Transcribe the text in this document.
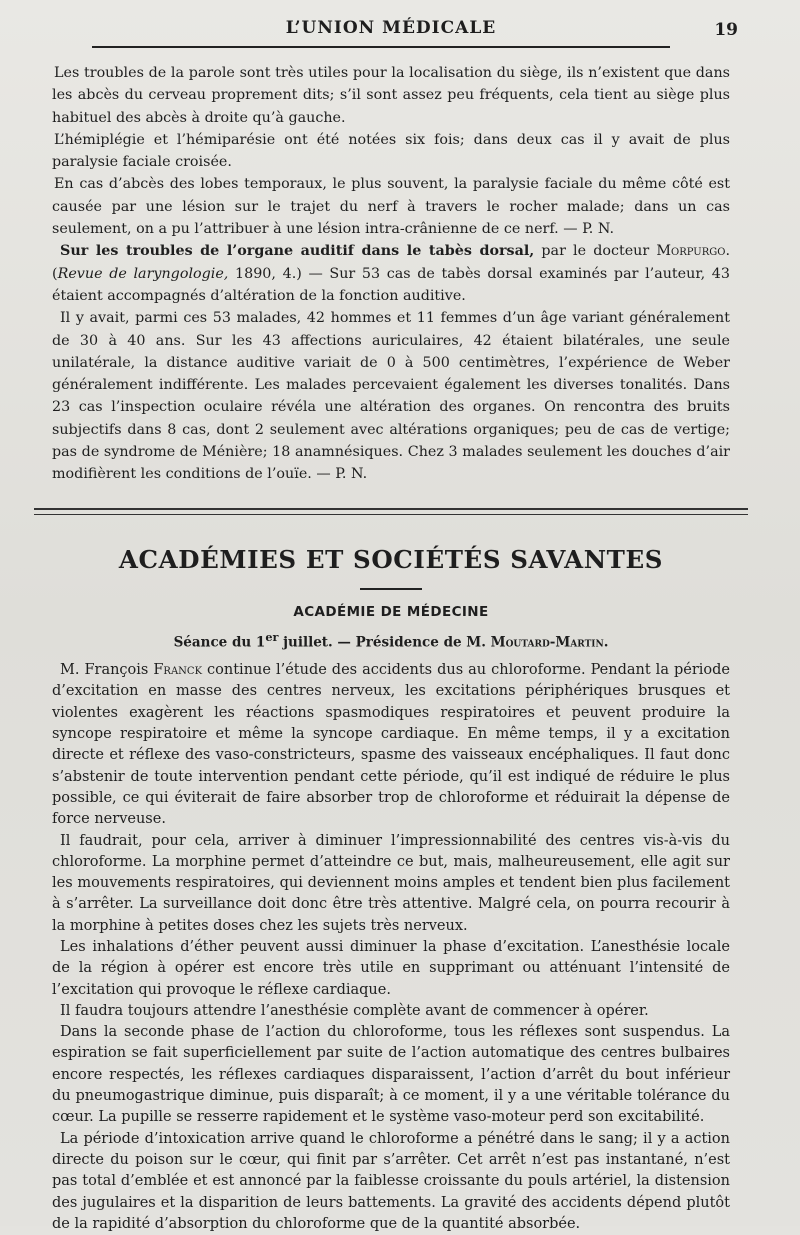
L’UNION MÉDICALE	19

Les troubles de la parole sont très utiles pour la localisation du siège, ils n’existent que dans les abcès du cerveau proprement dits; s’il sont assez peu fréquents, cela tient au siège plus habituel des abcès à droite qu’à gauche.

L’hémiplégie et l’hémiparésie ont été notées six fois; dans deux cas il y avait de plus paralysie faciale croisée.

En cas d’abcès des lobes temporaux, le plus souvent, la paralysie faciale du même côté est causée par une lésion sur le trajet du nerf à travers le rocher malade; dans un cas seulement, on a pu l’attribuer à une lésion intra-crânienne de ce nerf. — P. N.

Sur les troubles de l’organe auditif dans le tabès dorsal, par le docteur Morpurgo. (Revue de laryngologie, 1890, 4.) — Sur 53 cas de tabès dorsal examinés par l’auteur, 43 étaient accompagnés d’altération de la fonction auditive.

Il y avait, parmi ces 53 malades, 42 hommes et 11 femmes d’un âge variant généralement de 30 à 40 ans. Sur les 43 affections auriculaires, 42 étaient bilatérales, une seule unilatérale, la distance auditive variait de 0 à 500 centimètres, l’expérience de Weber généralement indifférente. Les malades percevaient également les diverses tonalités. Dans 23 cas l’inspection oculaire révéla une altération des organes. On rencontra des bruits subjectifs dans 8 cas, dont 2 seulement avec altérations organiques; peu de cas de vertige; pas de syndrome de Ménière; 18 anamnésiques. Chez 3 malades seulement les douches d’air modifièrent les conditions de l’ouïe. — P. N.

ACADÉMIES ET SOCIÉTÉS SAVANTES
ACADÉMIE DE MÉDECINE
Séance du 1er juillet. — Présidence de M. Moutard-Martin.

M. François Franck continue l’étude des accidents dus au chloroforme. Pendant la période d’excitation en masse des centres nerveux, les excitations périphériques brusques et violentes exagèrent les réactions spasmodiques respiratoires et peuvent produire la syncope respiratoire et même la syncope cardiaque. En même temps, il y a excitation directe et réflexe des vaso-constricteurs, spasme des vaisseaux encéphaliques. Il faut donc s’abstenir de toute intervention pendant cette période, qu’il est indiqué de réduire le plus possible, ce qui éviterait de faire absorber trop de chloroforme et réduirait la dépense de force nerveuse.

Il faudrait, pour cela, arriver à diminuer l’impressionnabilité des centres vis-à-vis du chloroforme. La morphine permet d’atteindre ce but, mais, malheureusement, elle agit sur les mouvements respiratoires, qui deviennent moins amples et tendent bien plus facilement à s’arrêter. La surveillance doit donc être très attentive. Malgré cela, on pourra recourir à la morphine à petites doses chez les sujets très nerveux.

Les inhalations d’éther peuvent aussi diminuer la phase d’excitation. L’anesthésie locale de la région à opérer est encore très utile en supprimant ou atténuant l’intensité de l’excitation qui provoque le réflexe cardiaque.

Il faudra toujours attendre l’anesthésie complète avant de commencer à opérer.

Dans la seconde phase de l’action du chloroforme, tous les réflexes sont suspendus. La espiration se fait superficiellement par suite de l’action automatique des centres bulbaires encore respectés, les réflexes cardiaques disparaissent, l’action d’arrêt du bout inférieur du pneumogastrique diminue, puis disparaît; à ce moment, il y a une véritable tolérance du cœur. La pupille se resserre rapidement et le système vaso-moteur perd son excitabilité.

La période d’intoxication arrive quand le chloroforme a pénétré dans le sang; il y a action directe du poison sur le cœur, qui finit par s’arrêter. Cet arrêt n’est pas instantané, n’est pas total d’emblée et est annoncé par la faiblesse croissante du pouls artériel, la distension des jugulaires et la disparition de leurs battements. La gravité des accidents dépend plutôt de la rapidité d’absorption du chloroforme que de la quantité absorbée.
